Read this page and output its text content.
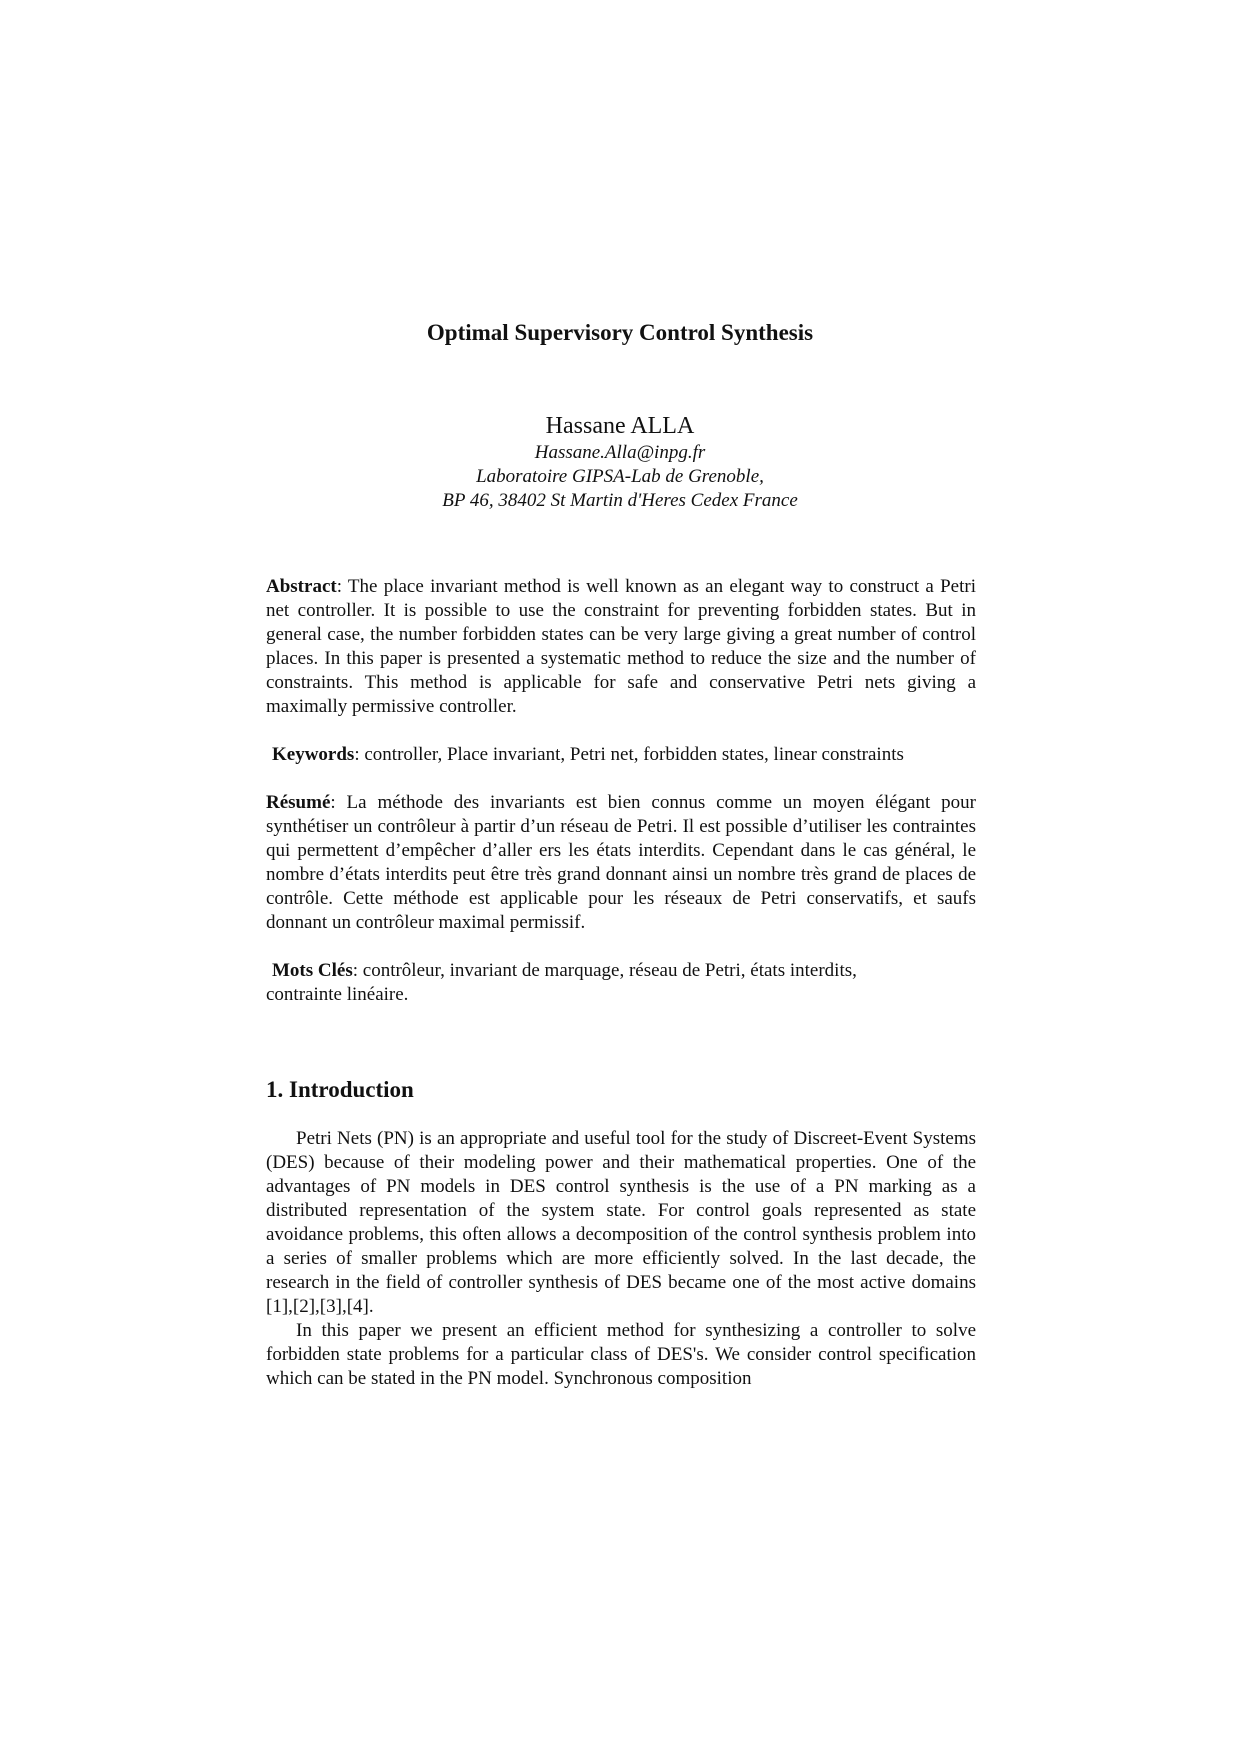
Optimal Supervisory Control Synthesis
Hassane ALLA
Hassane.Alla@inpg.fr
Laboratoire GIPSA-Lab de Grenoble,
BP 46, 38402 St Martin d'Heres Cedex France
Abstract: The place invariant method is well known as an elegant way to construct a Petri net controller. It is possible to use the constraint for preventing forbidden states. But in general case, the number forbidden states can be very large giving a great number of control places. In this paper is presented a systematic method to reduce the size and the number of constraints. This method is applicable for safe and conservative Petri nets giving a maximally permissive controller.
Keywords: controller, Place invariant, Petri net, forbidden states, linear constraints
Résumé: La méthode des invariants est bien connus comme un moyen élégant pour synthétiser un contrôleur à partir d’un réseau de Petri. Il est possible d’utiliser les contraintes qui permettent d’empêcher d’aller ers les états interdits. Cependant dans le cas général, le nombre d’états interdits peut être très grand donnant ainsi un nombre très grand de places de contrôle. Cette méthode est applicable pour les réseaux de Petri conservatifs, et saufs donnant un contrôleur maximal permissif.
Mots Clés: contrôleur, invariant de marquage, réseau de Petri, états interdits,
contrainte linéaire.
1. Introduction

Petri Nets (PN) is an appropriate and useful tool for the study of Discreet-Event Systems (DES) because of their modeling power and their mathematical properties. One of the advantages of PN models in DES control synthesis is the use of a PN marking as a distributed representation of the system state. For control goals represented as state avoidance problems, this often allows a decomposition of the control synthesis problem into a series of smaller problems which are more efficiently solved. In the last decade, the research in the field of controller synthesis of DES became one of the most active domains [1],[2],[3],[4].

In this paper we present an efficient method for synthesizing a controller to solve forbidden state problems for a particular class of DES's. We consider control specification which can be stated in the PN model. Synchronous composition
